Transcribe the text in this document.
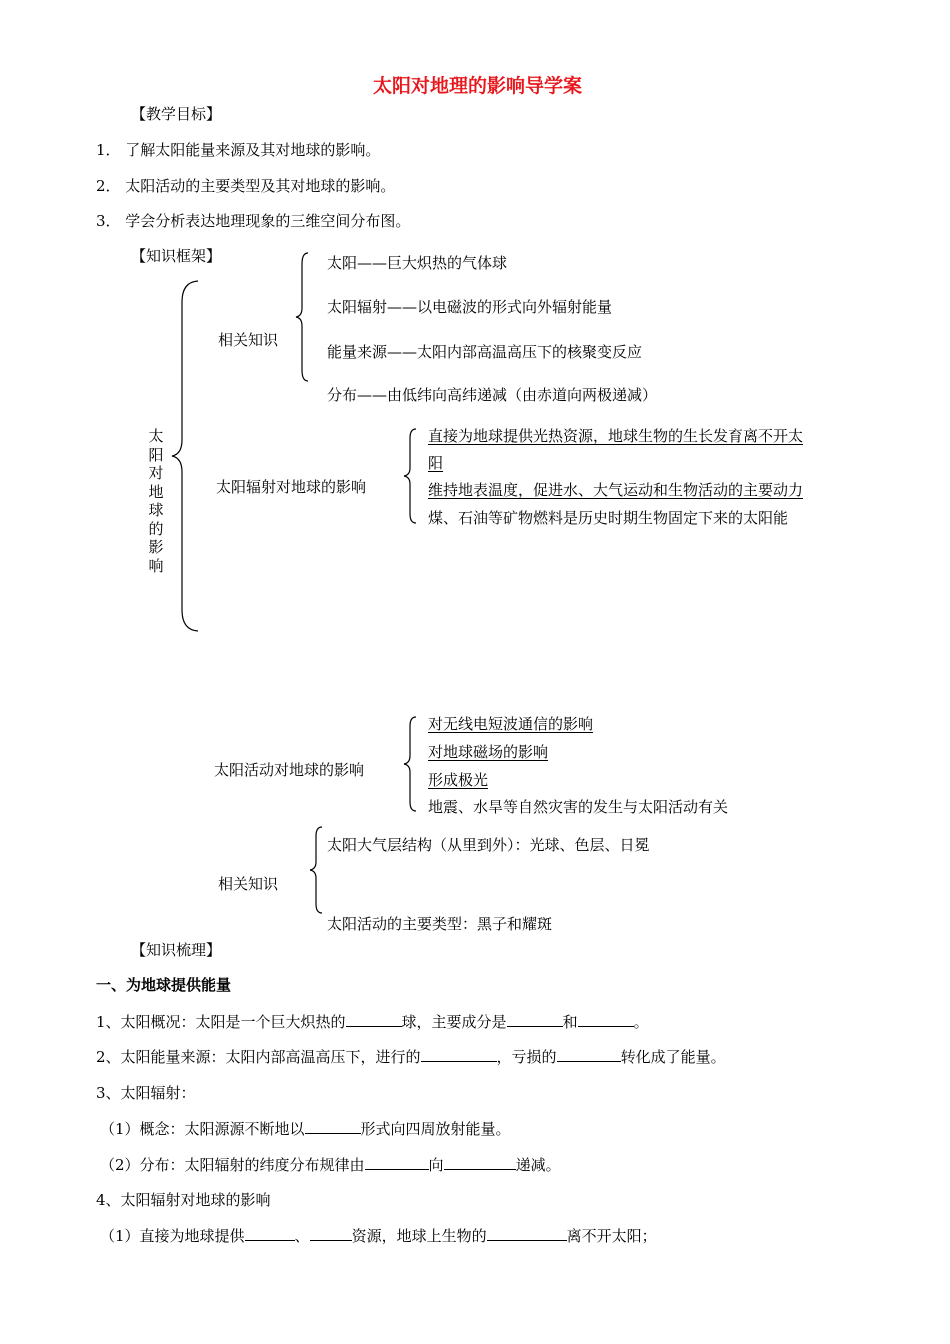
太阳对地理的影响导学案
【教学目标】
1． 了解太阳能量来源及其对地球的影响。
2． 太阳活动的主要类型及其对地球的影响。
3． 学会分析表达地理现象的三维空间分布图。
【知识框架】
太
阳
对
地
球
的
影
响
相关知识
太阳——巨大炽热的气体球
太阳辐射——以电磁波的形式向外辐射能量
能量来源——太阳内部高温高压下的核聚变反应
分布——由低纬向高纬递减（由赤道向两极递减）
太阳辐射对地球的影响
直接为地球提供光热资源，地球生物的生长发育离不开太
阳
维持地表温度，促进水、大气运动和生物活动的主要动力
煤、石油等矿物燃料是历史时期生物固定下来的太阳能
太阳活动对地球的影响
对无线电短波通信的影响
对地球磁场的影响
形成极光
地震、水旱等自然灾害的发生与太阳活动有关
相关知识
太阳大气层结构（从里到外）：光球、色层、日冕
太阳活动的主要类型：黑子和耀斑
【知识梳理】
一、为地球提供能量
1、太阳概况：太阳是一个巨大炽热的	球，主要成分是	和	。
2、太阳能量来源：太阳内部高温高压下，进行的	，亏损的	转化成了能量。
3、太阳辐射：
（1）概念：太阳源源不断地以	形式向四周放射能量。
（2）分布：太阳辐射的纬度分布规律由	向	递减。
4、太阳辐射对地球的影响
（1）直接为地球提供	、	资源，地球上生物的	离不开太阳；
